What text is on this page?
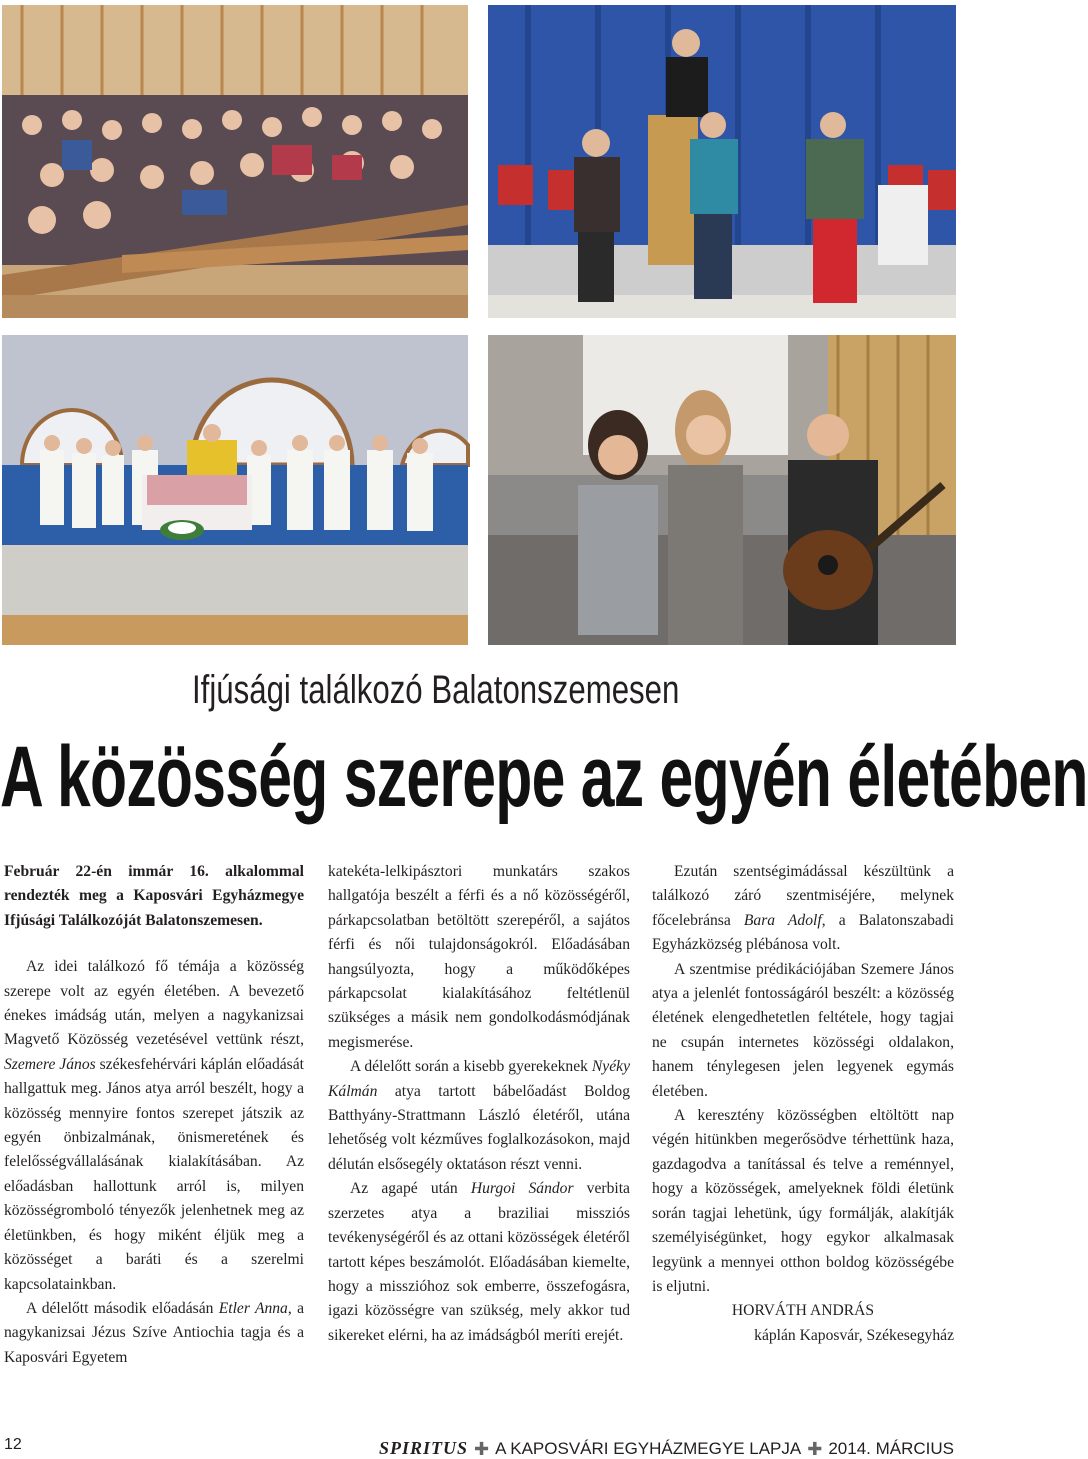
Ifjúsági találkozó Balatonszemesen
A közösség szerepe az egyén életében

Február 22-én immár 16. alkalommal rendezték meg a Kaposvári Egyházmegye Ifjúsági Találkozóját Balatonszemesen.

Az idei találkozó fő témája a közösség szerepe volt az egyén életében. A bevezető énekes imádság után, melyen a nagykanizsai Magvető Közösség vezetésével vettünk részt, Szemere János székesfehérvári káplán előadását hallgattuk meg. János atya arról beszélt, hogy a közösség mennyire fontos szerepet játszik az egyén önbizalmának, önismeretének és felelősségvállalásának kialakításában. Az előadásban hallottunk arról is, milyen közösségromboló tényezők jelenhetnek meg az életünkben, és hogy miként éljük meg a közösséget a baráti és a szerelmi kapcsolatainkban.

A délelőtt második előadásán Etler Anna, a nagykanizsai Jézus Szíve Antiochia tagja és a Kaposvári Egyetem

katekéta-lelkipásztori munkatárs szakos hallgatója beszélt a férfi és a nő közösségéről, párkapcsolatban betöltött szerepéről, a sajátos férfi és női tulajdonságokról. Előadásában hangsúlyozta, hogy a működőképes párkapcsolat kialakításához feltétlenül szükséges a másik nem gondolkodásmódjának megismerése.

A délelőtt során a kisebb gyerekeknek Nyéky Kálmán atya tartott bábelőadást Boldog Batthyány-Strattmann László életéről, utána lehetőség volt kézműves foglalkozásokon, majd délután elsősegély oktatáson részt venni.

Az agapé után Hurgoi Sándor verbita szerzetes atya a braziliai missziós tevékenységéről és az ottani közösségek életéről tartott képes beszámolót. Előadásában kiemelte, hogy a misszióhoz sok emberre, összefogásra, igazi közösségre van szükség, mely akkor tud sikereket elérni, ha az imádságból meríti erejét.

Ezután szentségimádással készültünk a találkozó záró szentmiséjére, melynek főcelebránsa Bara Adolf, a Balatonszabadi Egyházközség plébánosa volt.

A szentmise prédikációjában Szemere János atya a jelenlét fontosságáról beszélt: a közösség életének elengedhetetlen feltétele, hogy tagjai ne csupán internetes közösségi oldalakon, hanem ténylegesen jelen legyenek egymás életében.

A keresztény közösségben eltöltött nap végén hitünkben megerősödve térhettünk haza, gazdagodva a tanítással és telve a reménnyel, hogy a közösségek, amelyeknek földi életünk során tagjai lehetünk, úgy formálják, alakítják személyiségünket, hogy egykor alkalmasak legyünk a mennyei otthon boldog közösségébe is eljutni.

HORVÁTH ANDRÁS

káplán Kaposvár, Székesegyház

12	SPIRITUS ✚ A KAPOSVÁRI EGYHÁZMEGYE LAPJA ✚ 2014. MÁRCIUS
